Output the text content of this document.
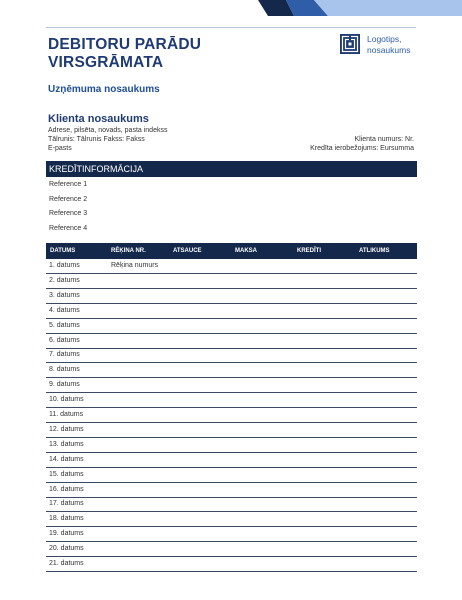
DEBITORU PARĀDU
VIRSGRĀMATA
Logotips,
nosaukums
Uzņēmuma nosaukums
Klienta nosaukums
Adrese, pilsēta, novads, pasta indekss
Tālrunis: Tālrunis Fakss: Fakss
E-pasts
Klienta numurs: Nr.
Kredīta ierobežojums: Eursumma
KREDĪTINFORMĀCIJA
Reference 1
Reference 2
Reference 3
Reference 4
DATUMS	RĒĶINA NR.	ATSAUCE	MAKSA	KREDĪTI	ATLIKUMS
1. datums	Rēķina numurs
2. datums
3. datums
4. datums
5. datums
6. datums
7. datums
8. datums
9. datums
10. datums
11. datums
12. datums
13. datums
14. datums
15. datums
16. datums
17. datums
18. datums
19. datums
20. datums
21. datums
